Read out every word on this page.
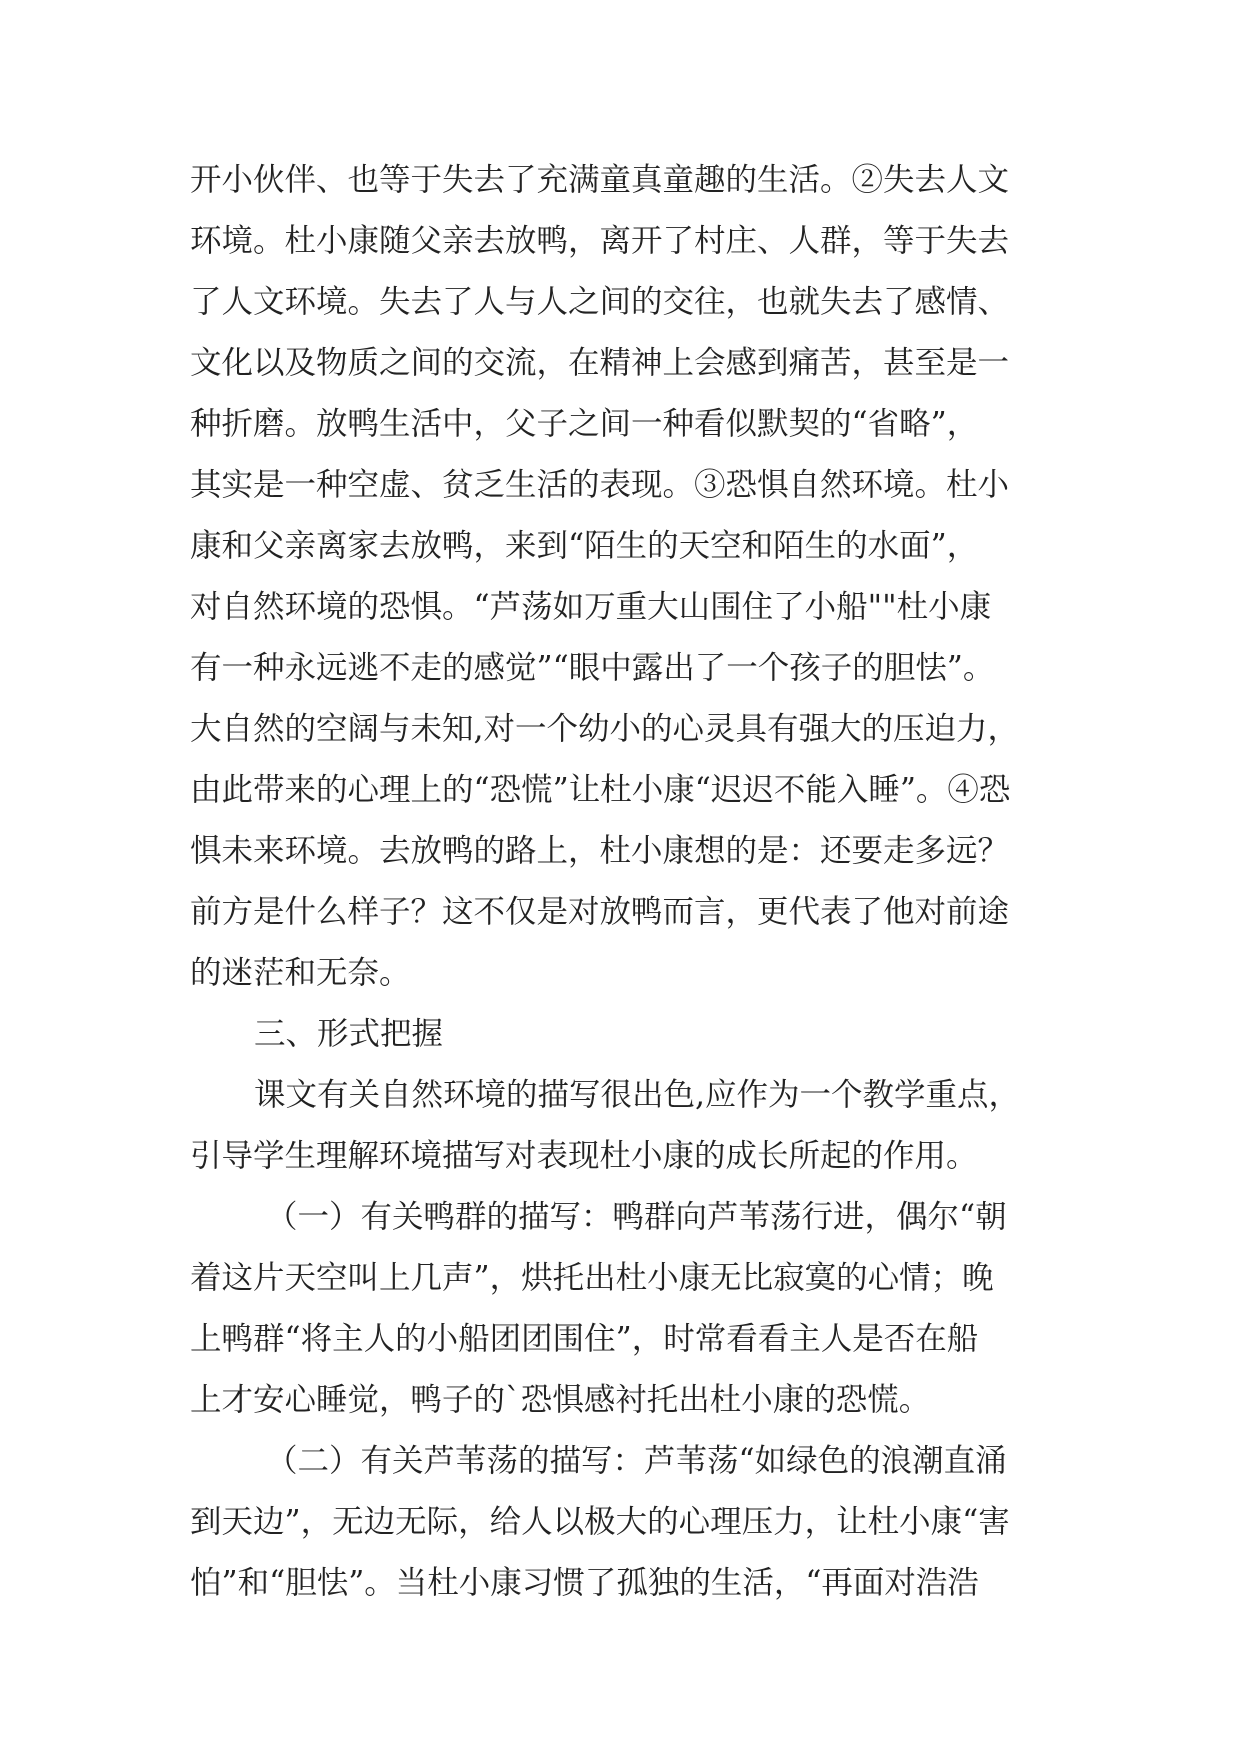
开小伙伴、也等于失去了充满童真童趣的生活。②失去人文
环境。杜小康随父亲去放鸭，离开了村庄、人群，等于失去
了人文环境。失去了人与人之间的交往，也就失去了感情、
文化以及物质之间的交流，在精神上会感到痛苦，甚至是一
种折磨。放鸭生活中，父子之间一种看似默契的“省略”，
其实是一种空虚、贫乏生活的表现。③恐惧自然环境。杜小
康和父亲离家去放鸭，来到“陌生的天空和陌生的水面”，
对自然环境的恐惧。“芦荡如万重大山围住了小船""杜小康
有一种永远逃不走的感觉”“眼中露出了一个孩子的胆怯”。
大自然的空阔与未知,对一个幼小的心灵具有强大的压迫力，
由此带来的心理上的“恐慌”让杜小康“迟迟不能入睡”。④恐
惧未来环境。去放鸭的路上，杜小康想的是：还要走多远？
前方是什么样子？这不仅是对放鸭而言，更代表了他对前途
的迷茫和无奈。
三、形式把握
课文有关自然环境的描写很出色,应作为一个教学重点，
引导学生理解环境描写对表现杜小康的成长所起的作用。
（一）有关鸭群的描写：鸭群向芦苇荡行进，偶尔“朝
着这片天空叫上几声”，烘托出杜小康无比寂寞的心情；晚
上鸭群“将主人的小船团团围住”，时常看看主人是否在船
上才安心睡觉，鸭子的`恐惧感衬托出杜小康的恐慌。
（二）有关芦苇荡的描写：芦苇荡“如绿色的浪潮直涌
到天边”，无边无际，给人以极大的心理压力，让杜小康“害
怕”和“胆怯”。当杜小康习惯了孤独的生活，“再面对浩浩
